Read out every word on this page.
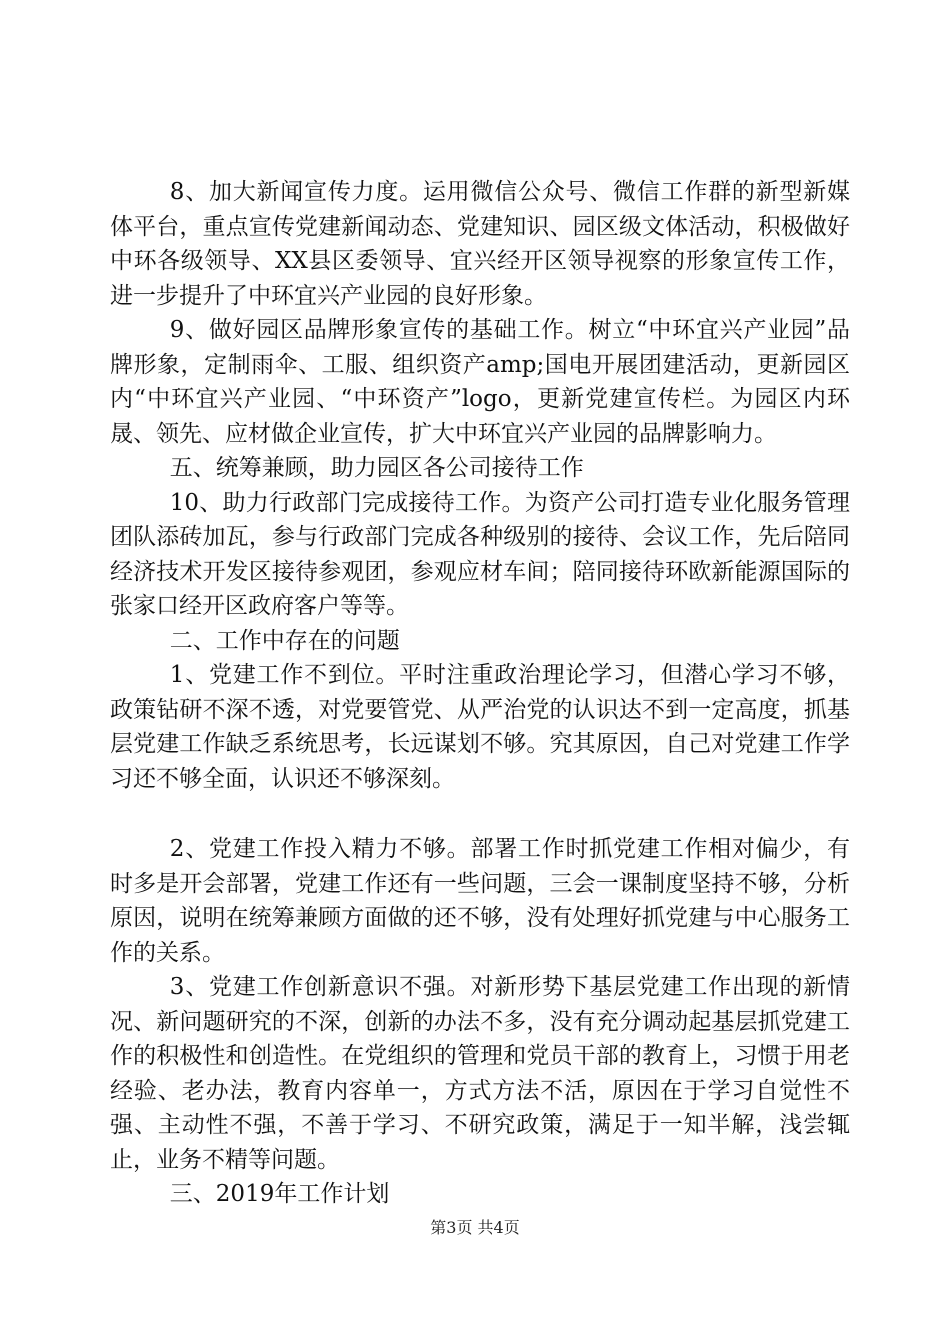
8、加大新闻宣传力度。运用微信公众号、微信工作群的新型新媒体平台，重点宣传党建新闻动态、党建知识、园区级文体活动，积极做好中环各级领导、XX县区委领导、宜兴经开区领导视察的形象宣传工作，进一步提升了中环宜兴产业园的良好形象。

9、做好园区品牌形象宣传的基础工作。树立“中环宜兴产业园”品牌形象，定制雨伞、工服、组织资产amp;国电开展团建活动，更新园区内“中环宜兴产业园、“中环资产”logo，更新党建宣传栏。为园区内环晟、领先、应材做企业宣传，扩大中环宜兴产业园的品牌影响力。

五、统筹兼顾，助力园区各公司接待工作

10、助力行政部门完成接待工作。为资产公司打造专业化服务管理团队添砖加瓦，参与行政部门完成各种级别的接待、会议工作，先后陪同经济技术开发区接待参观团，参观应材车间；陪同接待环欧新能源国际的张家口经开区政府客户等等。

二、工作中存在的问题

1、党建工作不到位。平时注重政治理论学习，但潜心学习不够，政策钻研不深不透，对党要管党、从严治党的认识达不到一定高度，抓基层党建工作缺乏系统思考，长远谋划不够。究其原因，自己对党建工作学习还不够全面，认识还不够深刻。

2、党建工作投入精力不够。部署工作时抓党建工作相对偏少，有时多是开会部署，党建工作还有一些问题，三会一课制度坚持不够，分析原因，说明在统筹兼顾方面做的还不够，没有处理好抓党建与中心服务工作的关系。

3、党建工作创新意识不强。对新形势下基层党建工作出现的新情况、新问题研究的不深，创新的办法不多，没有充分调动起基层抓党建工作的积极性和创造性。在党组织的管理和党员干部的教育上，习惯于用老经验、老办法，教育内容单一，方式方法不活，原因在于学习自觉性不强、主动性不强，不善于学习、不研究政策，满足于一知半解，浅尝辄止，业务不精等问题。

三、2019年工作计划

第3页 共4页
